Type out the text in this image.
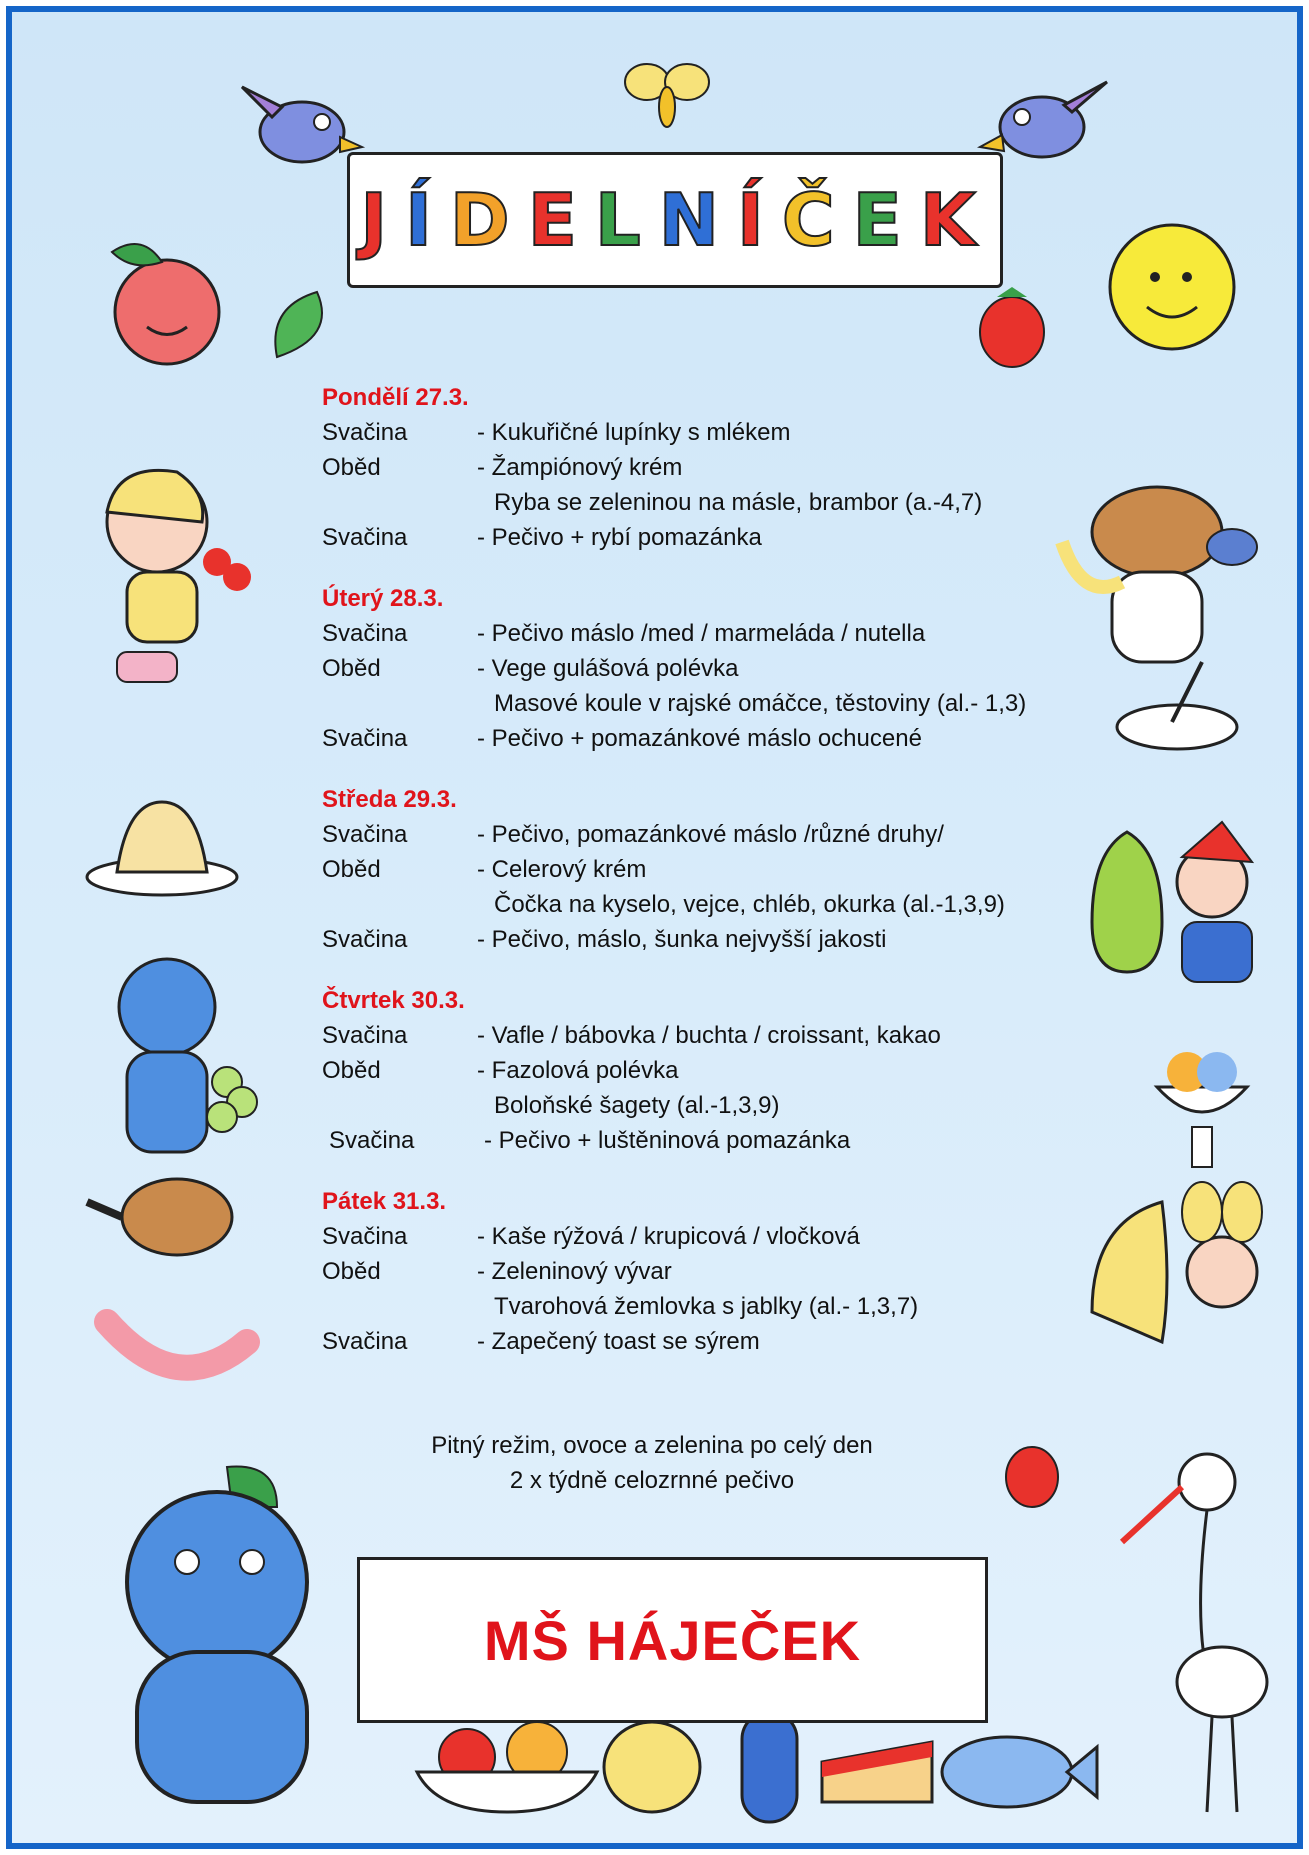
J Í D E L N Í Č E K
Pondělí 27.3.
Svačina	- Kukuřičné lupínky s mlékem
Oběd	- Žampiónový krém
Ryba se zeleninou na másle, brambor (a.-4,7)
Svačina	- Pečivo + rybí pomazánka
Úterý 28.3.
Svačina	- Pečivo máslo /med / marmeláda / nutella
Oběd	- Vege gulášová polévka
Masové koule v rajské omáčce, těstoviny (al.- 1,3)
Svačina	- Pečivo + pomazánkové máslo ochucené
Středa 29.3.
Svačina	- Pečivo, pomazánkové máslo /různé druhy/
Oběd	- Celerový krém
Čočka na kyselo, vejce, chléb, okurka (al.-1,3,9)
Svačina	- Pečivo, máslo, šunka nejvyšší jakosti
Čtvrtek 30.3.
Svačina	- Vafle / bábovka / buchta / croissant, kakao
Oběd	- Fazolová polévka
Boloňské šagety (al.-1,3,9)
Svačina	- Pečivo + luštěninová pomazánka
Pátek 31.3.
Svačina	- Kaše rýžová / krupicová / vločková
Oběd	- Zeleninový vývar
Tvarohová žemlovka s jablky (al.- 1,3,7)
Svačina	- Zapečený toast se sýrem
Pitný režim, ovoce a zelenina po celý den
2 x týdně celozrnné pečivo
MŠ HÁJEČEK
